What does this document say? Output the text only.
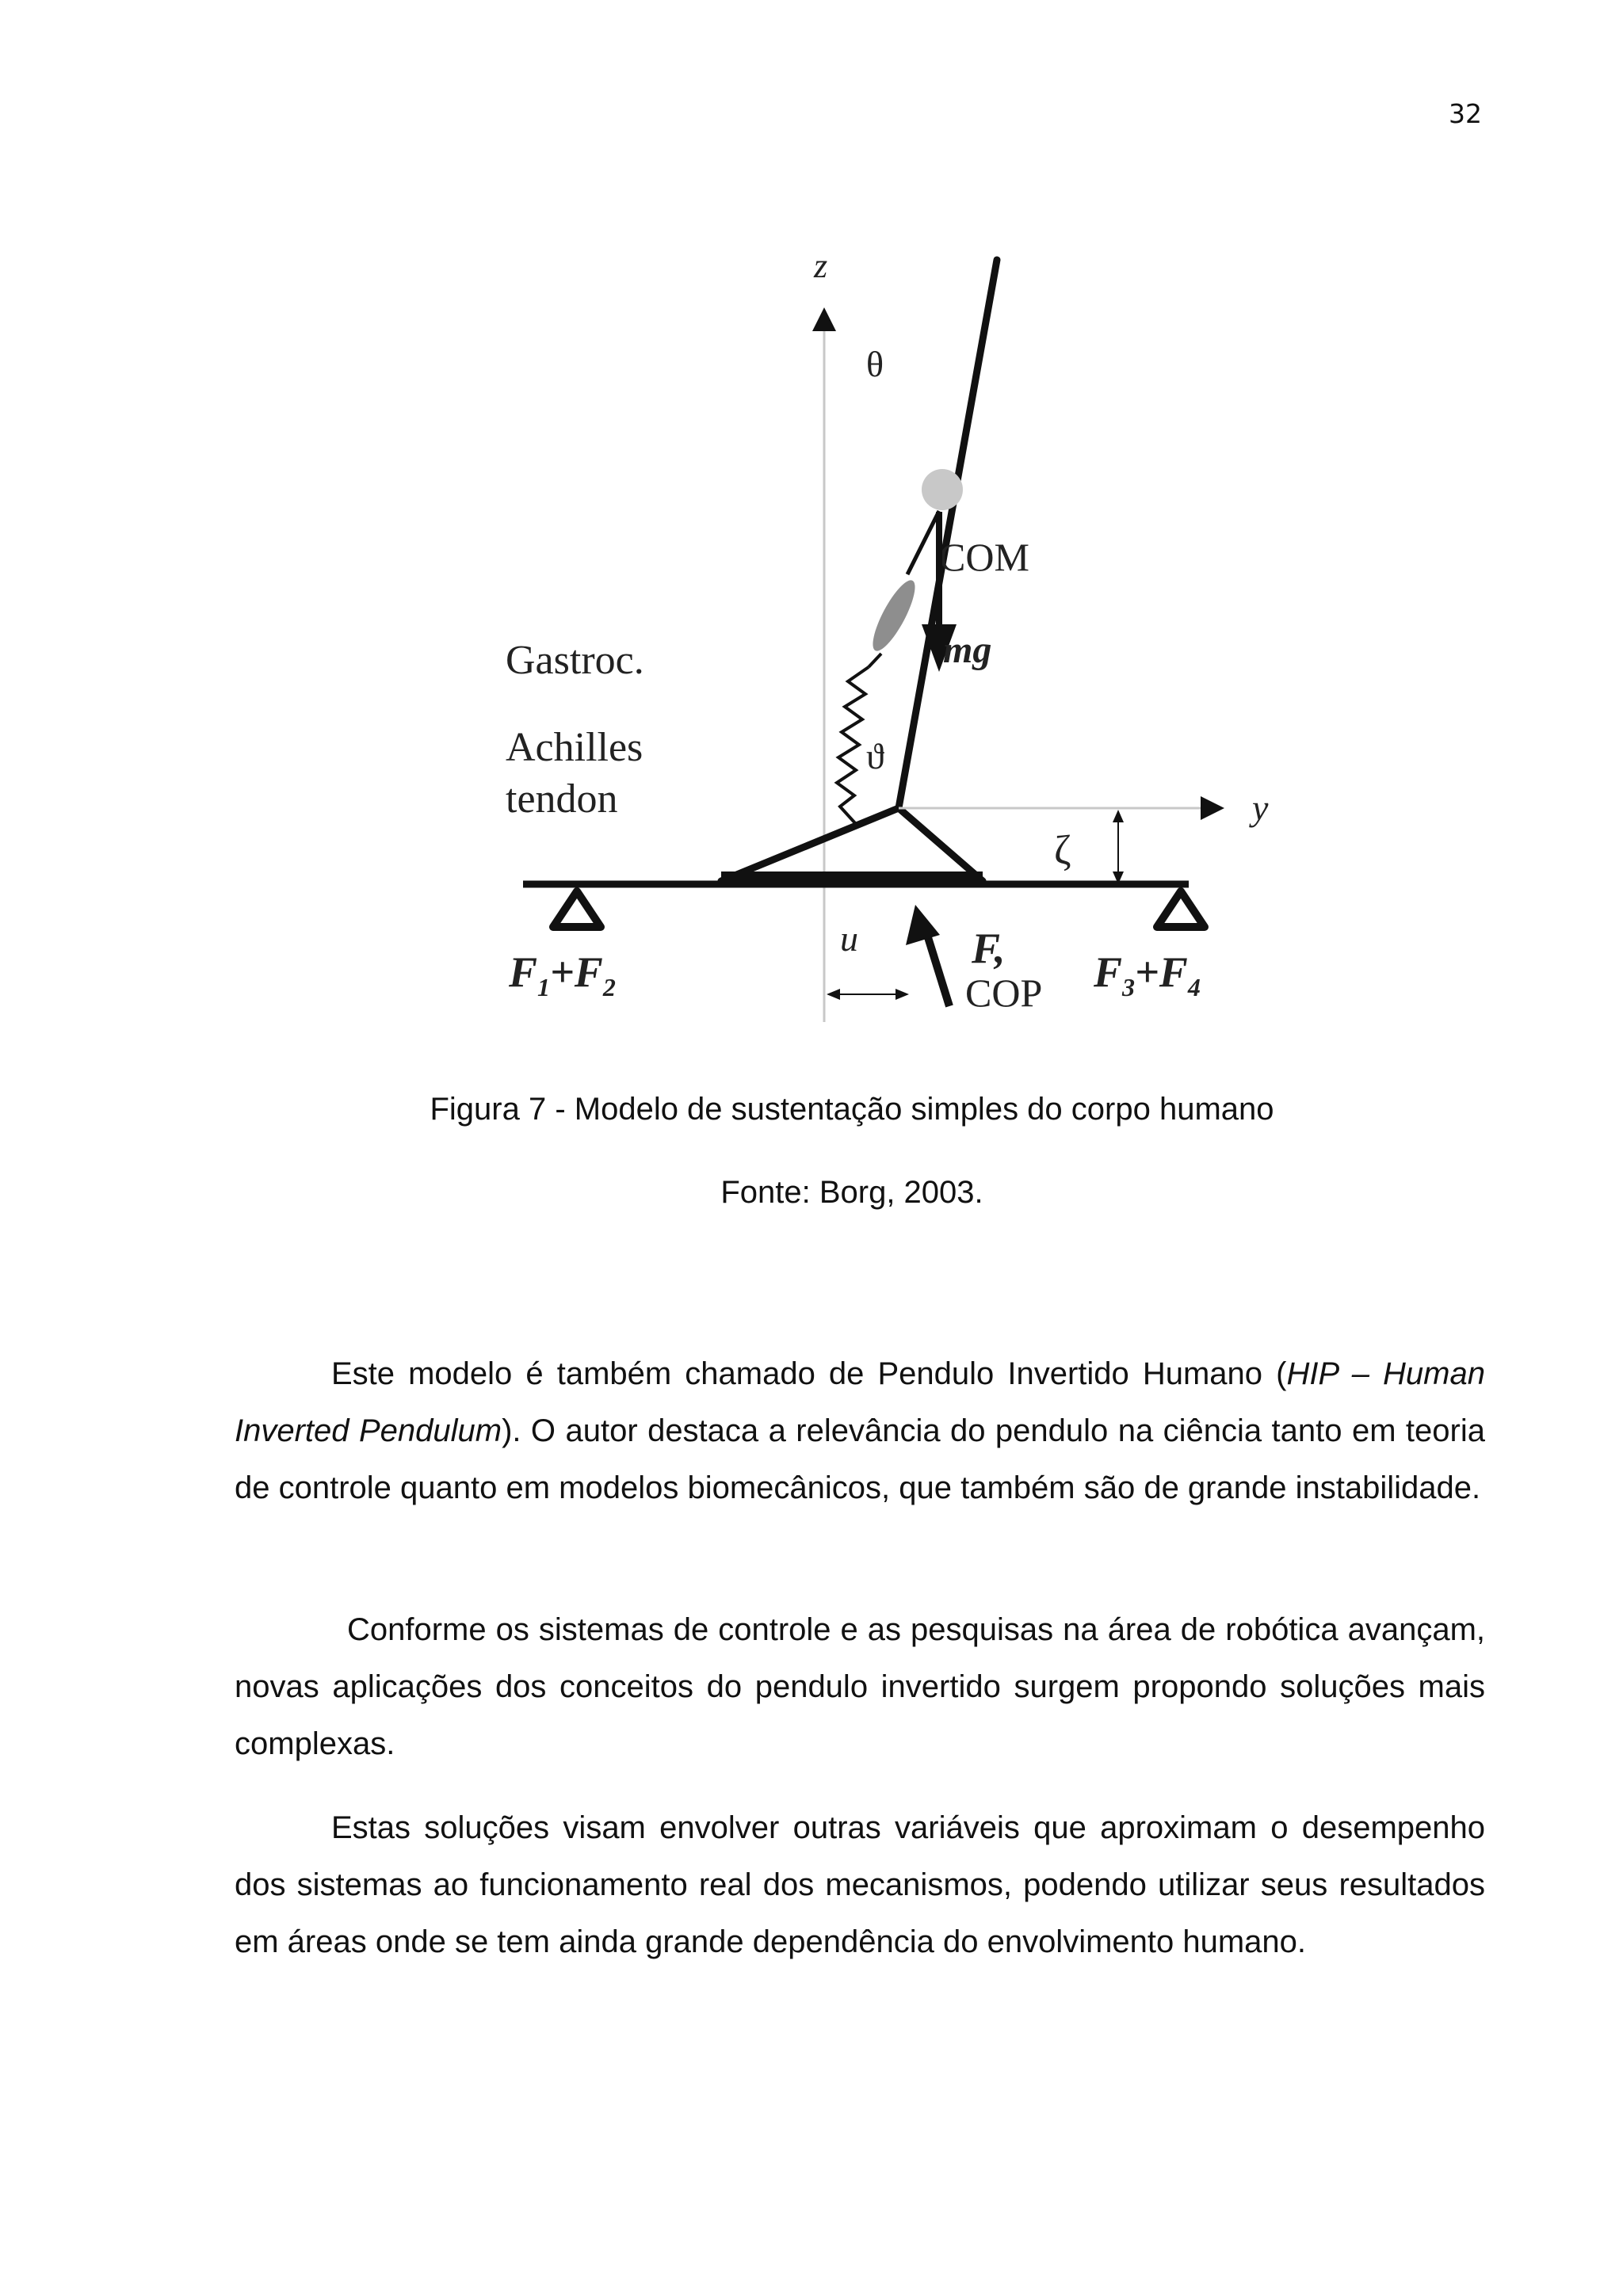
32
z
θ
COM
mg
Gastroc.
Achilles
tendon
ϑ
y
ζ
$F_1+F_2$	$F_3+F_4$
u	F,
COP
Figura 7 - Modelo de sustentação simples do corpo humano
Fonte: Borg, 2003.
Este modelo é também chamado de Pendulo Invertido Humano (HIP – Human Inverted Pendulum). O autor destaca a relevância do pendulo na ciência tanto em teoria de controle quanto em modelos biomecânicos, que também são de grande instabilidade.
Conforme os sistemas de controle e as pesquisas na área de robótica avançam, novas aplicações dos conceitos do pendulo invertido surgem propondo soluções mais complexas.
Estas soluções visam envolver outras variáveis que aproximam o desempenho dos sistemas ao funcionamento real dos mecanismos, podendo utilizar seus resultados em áreas onde se tem ainda grande dependência do envolvimento humano.
